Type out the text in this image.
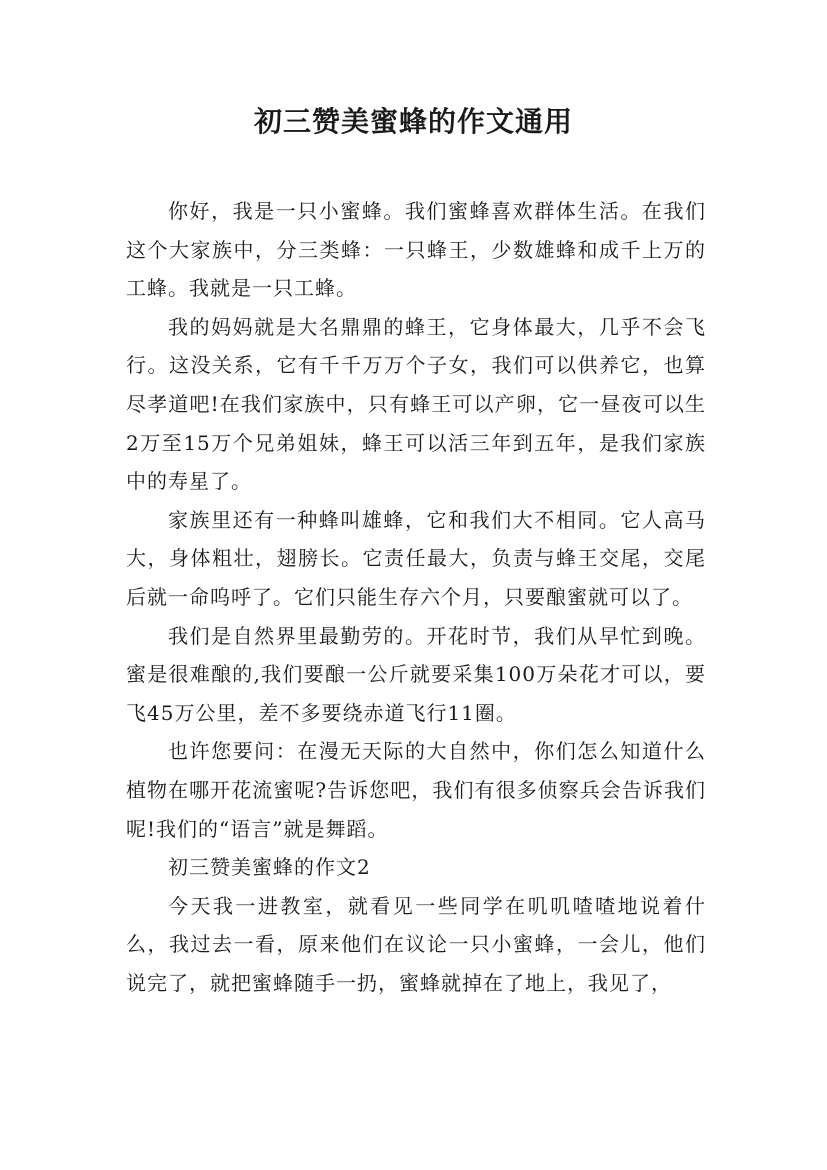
初三赞美蜜蜂的作文通用

你好，我是一只小蜜蜂。我们蜜蜂喜欢群体生活。在我们这个大家族中，分三类蜂：一只蜂王，少数雄蜂和成千上万的工蜂。我就是一只工蜂。

我的妈妈就是大名鼎鼎的蜂王，它身体最大，几乎不会飞行。这没关系，它有千千万万个子女，我们可以供养它，也算尽孝道吧!在我们家族中，只有蜂王可以产卵，它一昼夜可以生2万至15万个兄弟姐妹，蜂王可以活三年到五年，是我们家族中的寿星了。

家族里还有一种蜂叫雄蜂，它和我们大不相同。它人高马大，身体粗壮，翅膀长。它责任最大，负责与蜂王交尾，交尾后就一命呜呼了。它们只能生存六个月，只要酿蜜就可以了。

我们是自然界里最勤劳的。开花时节，我们从早忙到晚。蜜是很难酿的,我们要酿一公斤就要采集100万朵花才可以，要飞45万公里，差不多要绕赤道飞行11圈。

也许您要问：在漫无天际的大自然中，你们怎么知道什么植物在哪开花流蜜呢?告诉您吧，我们有很多侦察兵会告诉我们呢!我们的“语言”就是舞蹈。

初三赞美蜜蜂的作文2

今天我一进教室，就看见一些同学在叽叽喳喳地说着什么，我过去一看，原来他们在议论一只小蜜蜂，一会儿，他们说完了，就把蜜蜂随手一扔，蜜蜂就掉在了地上，我见了，
